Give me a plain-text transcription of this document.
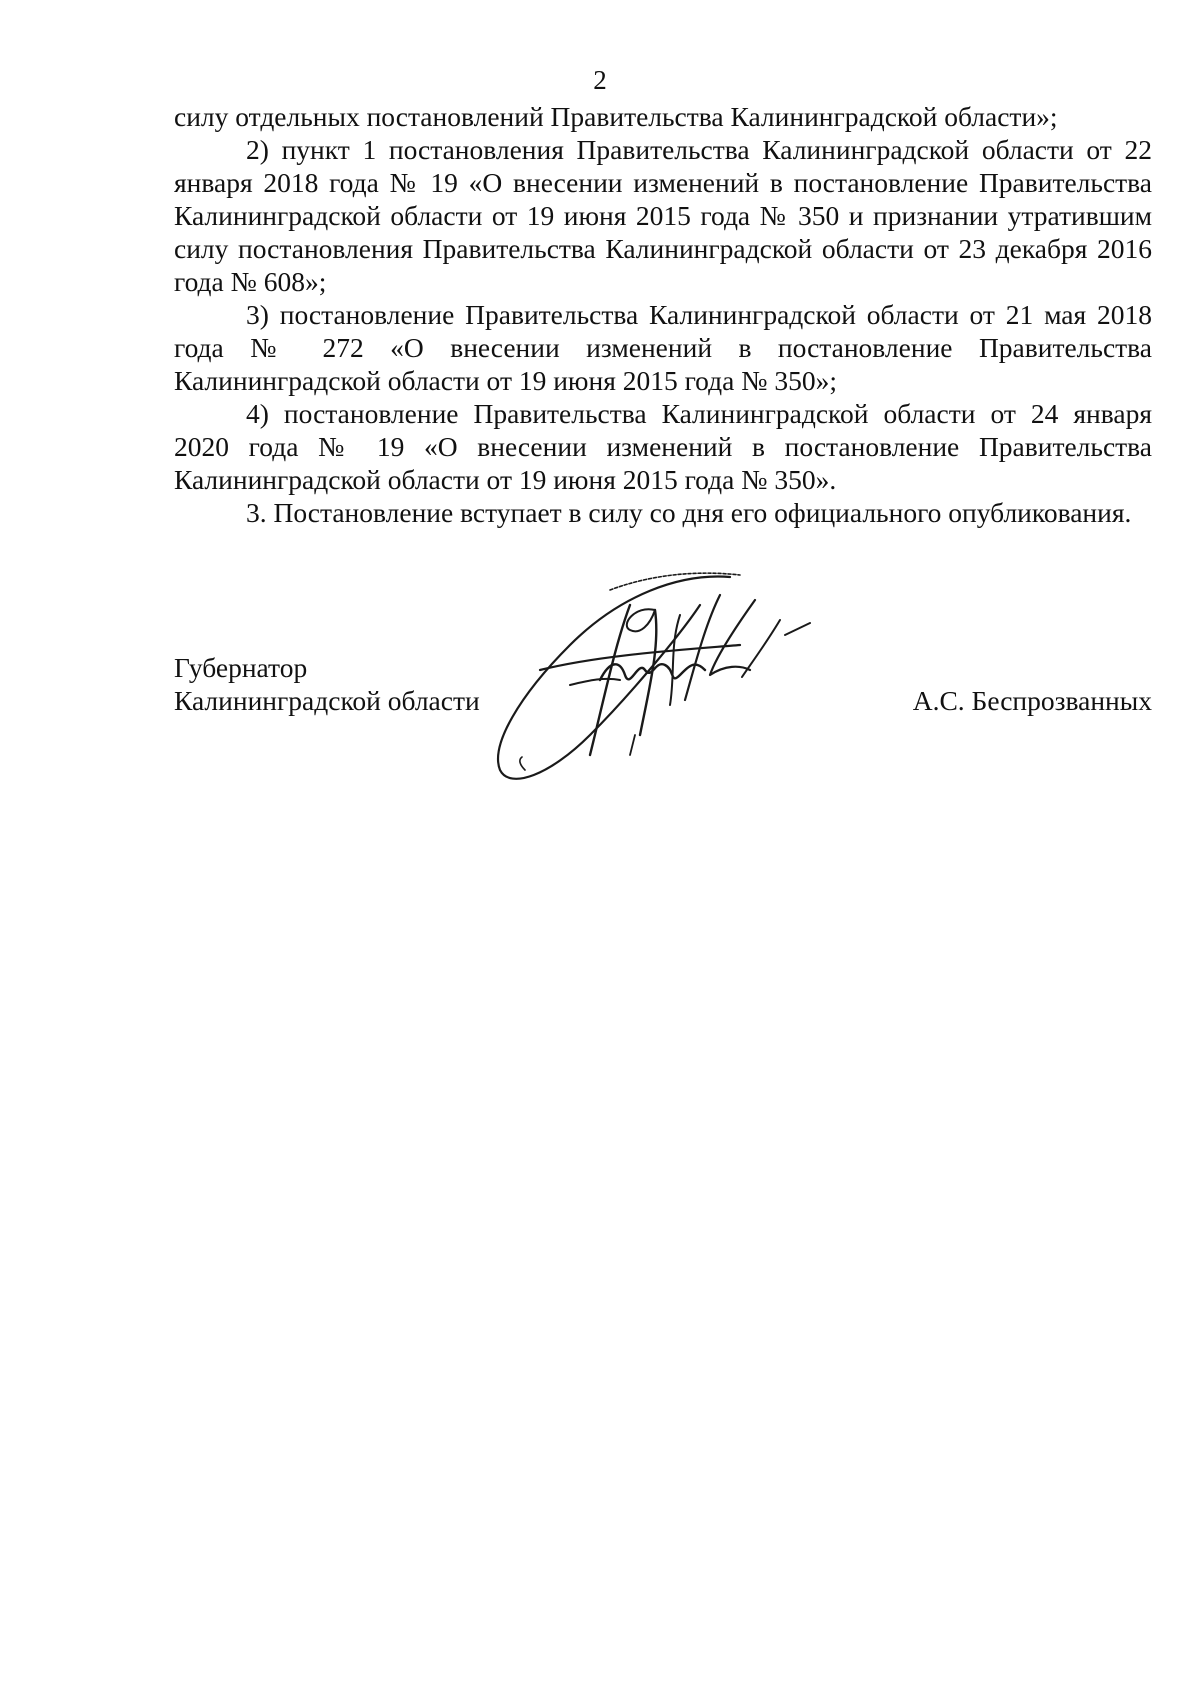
2

силу отдельных постановлений Правительства Калининградской области»;

2) пункт 1 постановления Правительства Калининградской области от 22 января 2018 года № 19 «О внесении изменений в постановление Правительства Калининградской области от 19 июня 2015 года № 350 и признании утратившим силу постановления Правительства Калининградской области от 23 декабря 2016 года № 608»;

3) постановление Правительства Калининградской области от 21 мая 2018 года № 272 «О внесении изменений в постановление Правительства Калининградской области от 19 июня 2015 года № 350»;

4) постановление Правительства Калининградской области от 24 января 2020 года № 19 «О внесении изменений в постановление Правительства Калининградской области от 19 июня 2015 года № 350».

3. Постановление вступает в силу со дня его официального опубликования.

Губернатор
Калининградской области	А.С. Беспрозванных
